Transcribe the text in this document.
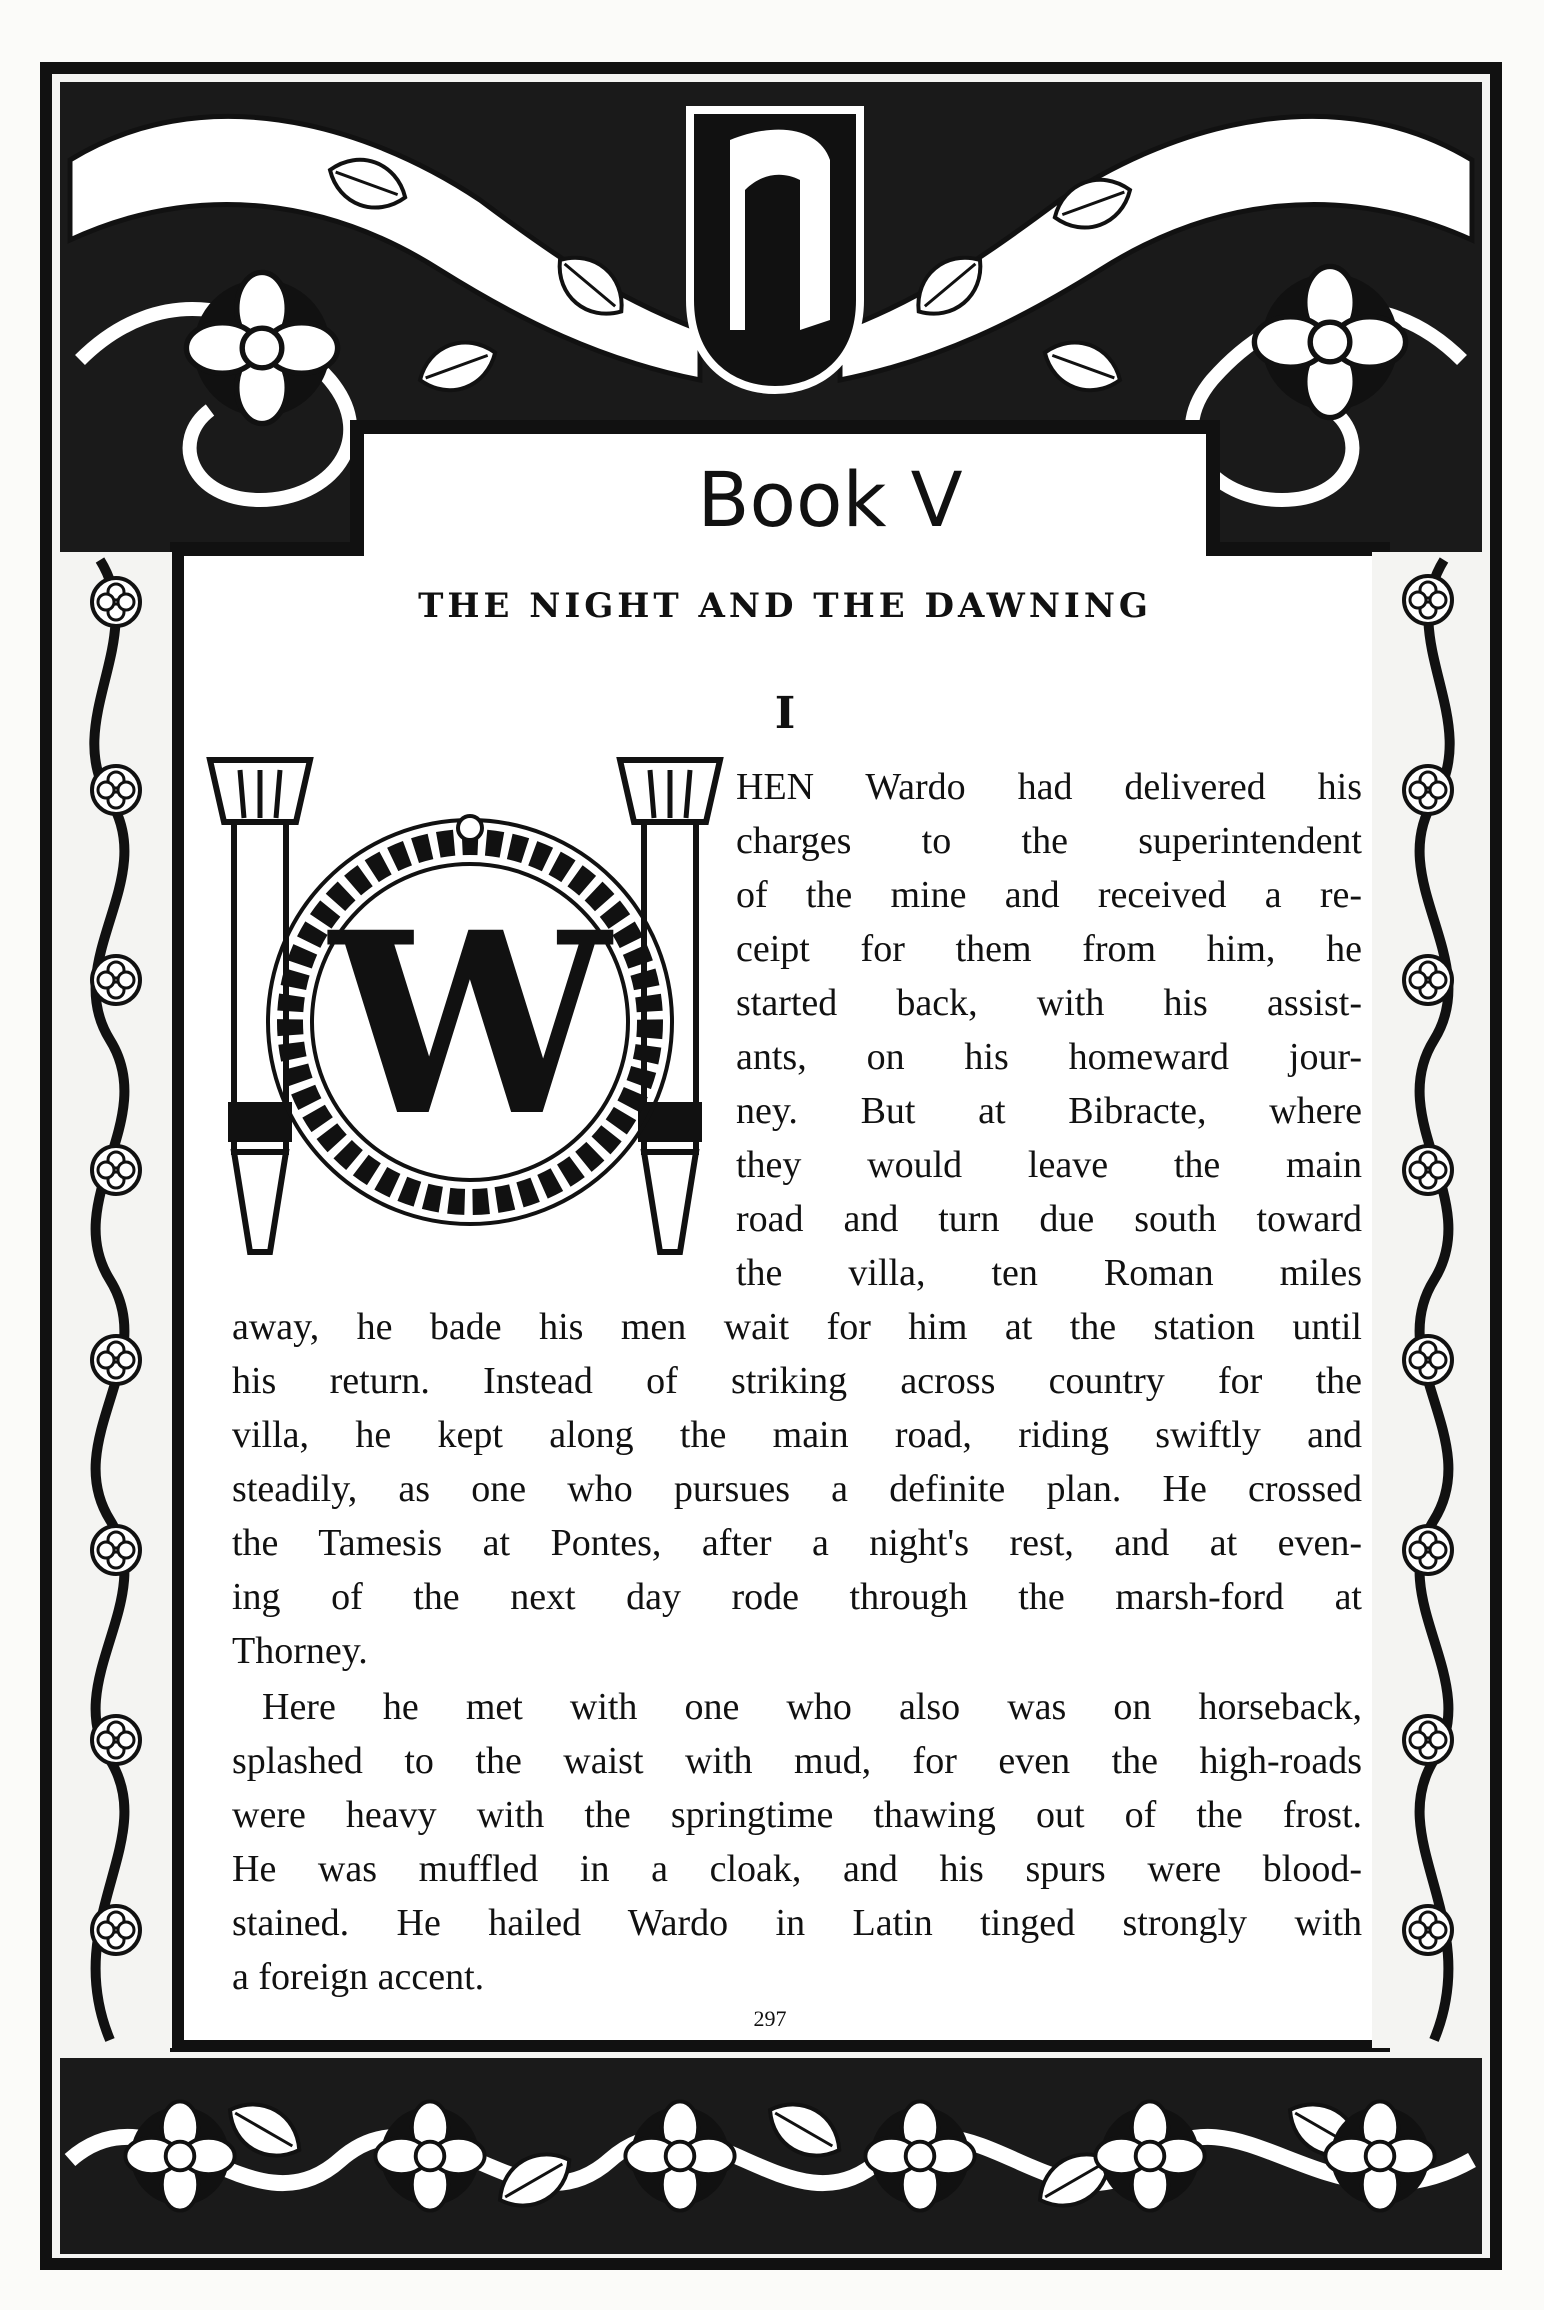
Book V
THE NIGHT AND THE DAWNING
I
W
HEN Wardo had delivered his
charges to the superintendent
of the mine and received a re-
ceipt for them from him, he
started back, with his assist-
ants, on his homeward jour-
ney. But at Bibracte, where
they would leave the main
road and turn due south toward
the villa, ten Roman miles
away, he bade his men wait for him at the station until
his return. Instead of striking across country for the
villa, he kept along the main road, riding swiftly and
steadily, as one who pursues a definite plan. He crossed
the Tamesis at Pontes, after a night's rest, and at even-
ing of the next day rode through the marsh-ford at
Thorney.
Here he met with one who also was on horseback,
splashed to the waist with mud, for even the high-roads
were heavy with the springtime thawing out of the frost.
He was muffled in a cloak, and his spurs were blood-
stained. He hailed Wardo in Latin tinged strongly with
a foreign accent.
297
